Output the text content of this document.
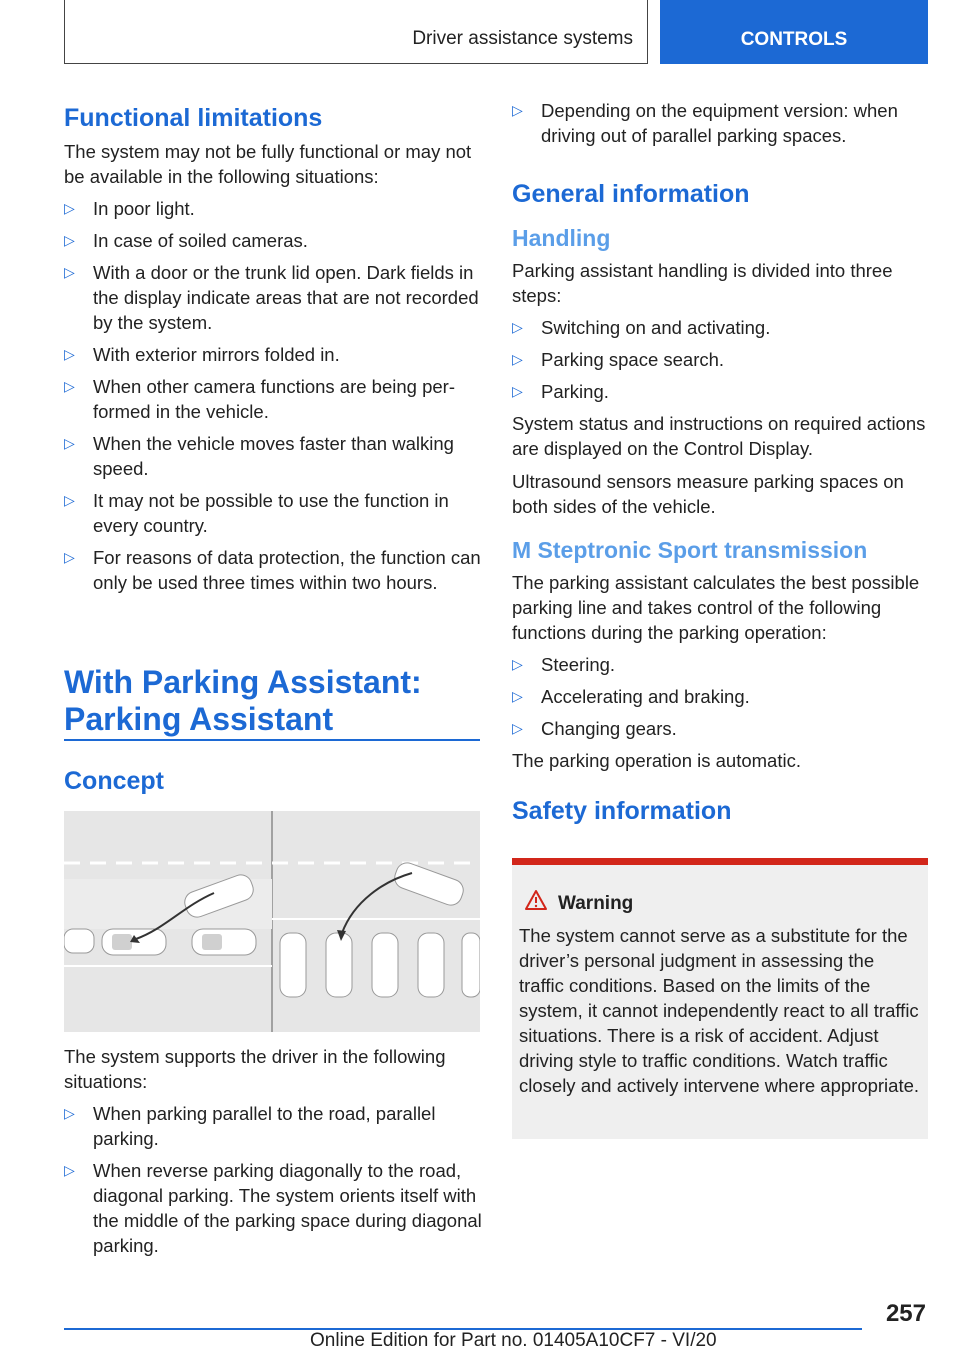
Driver assistance systems	CONTROLS
Functional limitations

The system may not be fully functional or may not be available in the following situations:

▷ In poor light.
▷ In case of soiled cameras.
▷ With a door or the trunk lid open. Dark fields in the display indicate areas that are not recorded by the system.
▷ With exterior mirrors folded in.
▷ When other camera functions are being performed in the vehicle.
▷ When the vehicle moves faster than walking speed.
▷ It may not be possible to use the function in every country.
▷ For reasons of data protection, the function can only be used three times within two hours.
With Parking Assistant: Parking Assistant
Concept

The system supports the driver in the following situations:

▷ When parking parallel to the road, parallel parking.
▷ When reverse parking diagonally to the road, diagonal parking. The system orients itself with the middle of the parking space during diagonal parking.
▷ Depending on the equipment version: when driving out of parallel parking spaces.
General information
Handling

Parking assistant handling is divided into three steps:

▷ Switching on and activating.
▷ Parking space search.
▷ Parking.

System status and instructions on required actions are displayed on the Control Display.

Ultrasound sensors measure parking spaces on both sides of the vehicle.

M Steptronic Sport transmission

The parking assistant calculates the best possible parking line and takes control of the following functions during the parking operation:

▷ Steering.
▷ Accelerating and braking.
▷ Changing gears.

The parking operation is automatic.

Safety information
Warning
The system cannot serve as a substitute for the driver’s personal judgment in assessing the traffic conditions. Based on the limits of the system, it cannot independently react to all traffic situations. There is a risk of accident. Adjust driving style to traffic conditions. Watch traffic closely and actively intervene where appropriate.
257
Online Edition for Part no. 01405A10CF7 - VI/20
